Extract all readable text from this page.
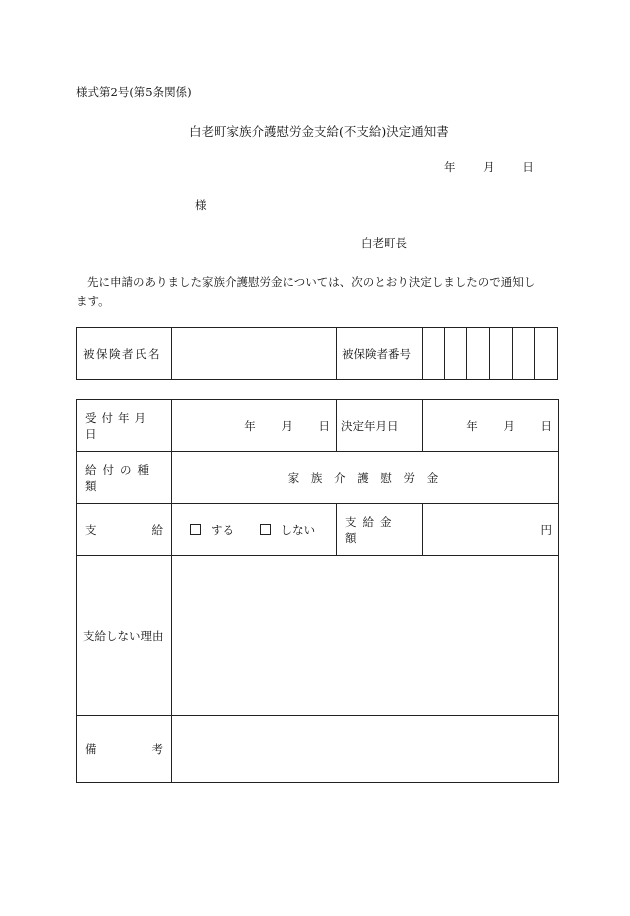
様式第2号(第5条関係)
白老町家族介護慰労金支給(不支給)決定通知書
年 月 日
様
白老町長
先に申請のありました家族介護慰労金については、次のとおり決定しましたので通知し
ます。
被保険者氏名		被保険者番号						
受付年月日	年 月 日	決定年月日	年 月 日
給付の種類	家 族 介 護 慰 労 金		

支 給	する しない	支給金額	円
支給しない理由			

備 考			
